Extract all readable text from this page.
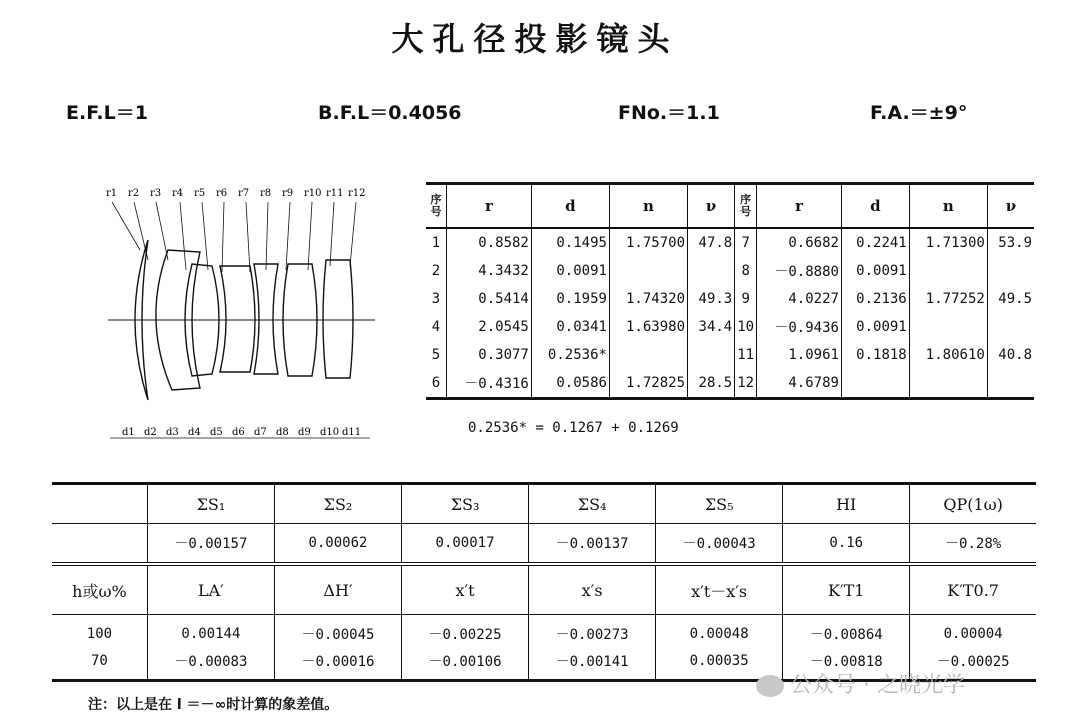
大孔径投影镜头
E.F.L＝1	B.F.L＝0.4056	FNo.＝1.1	F.A.＝±9°
r1 r2 r3 r4 r5 r6 r7 r8 r9 r10 r11 r12
d1 d2 d3 d4 d5 d6 d7 d8 d9 d10 d11
序号	r	d	n	ν	序号	r	d	n	ν
1	0.8582	0.1495	1.75700	47.8	7	0.6682	0.2241	1.71300	53.9
2	4.3432	0.0091			8	－0.8880	0.0091		
3	0.5414	0.1959	1.74320	49.3	9	4.0227	0.2136	1.77252	49.5
4	2.0545	0.0341	1.63980	34.4	10	－0.9436	0.0091		
5	0.3077	0.2536*			11	1.0961	0.1818	1.80610	40.8
6	－0.4316	0.0586	1.72825	28.5	12	4.6789			
0.2536* = 0.1267 + 0.1269
	ΣS₁	ΣS₂	ΣS₃	ΣS₄	ΣS₅	HI	QP(1ω)
	－0.00157	0.00062	0.00017	－0.00137	－0.00043	0.16	－0.28%
h或ω%	LA′	ΔH′	x′t	x′s	x′t－x′s	K′T1	K′T0.7
100	0.00144	－0.00045	－0.00225	－0.00273	0.00048	－0.00864	0.00004
70	－0.00083	－0.00016	－0.00106	－0.00141	0.00035	－0.00818	－0.00025
注：以上是在 l ＝－∞时计算的象差值。
公众号 · 之晓光学
